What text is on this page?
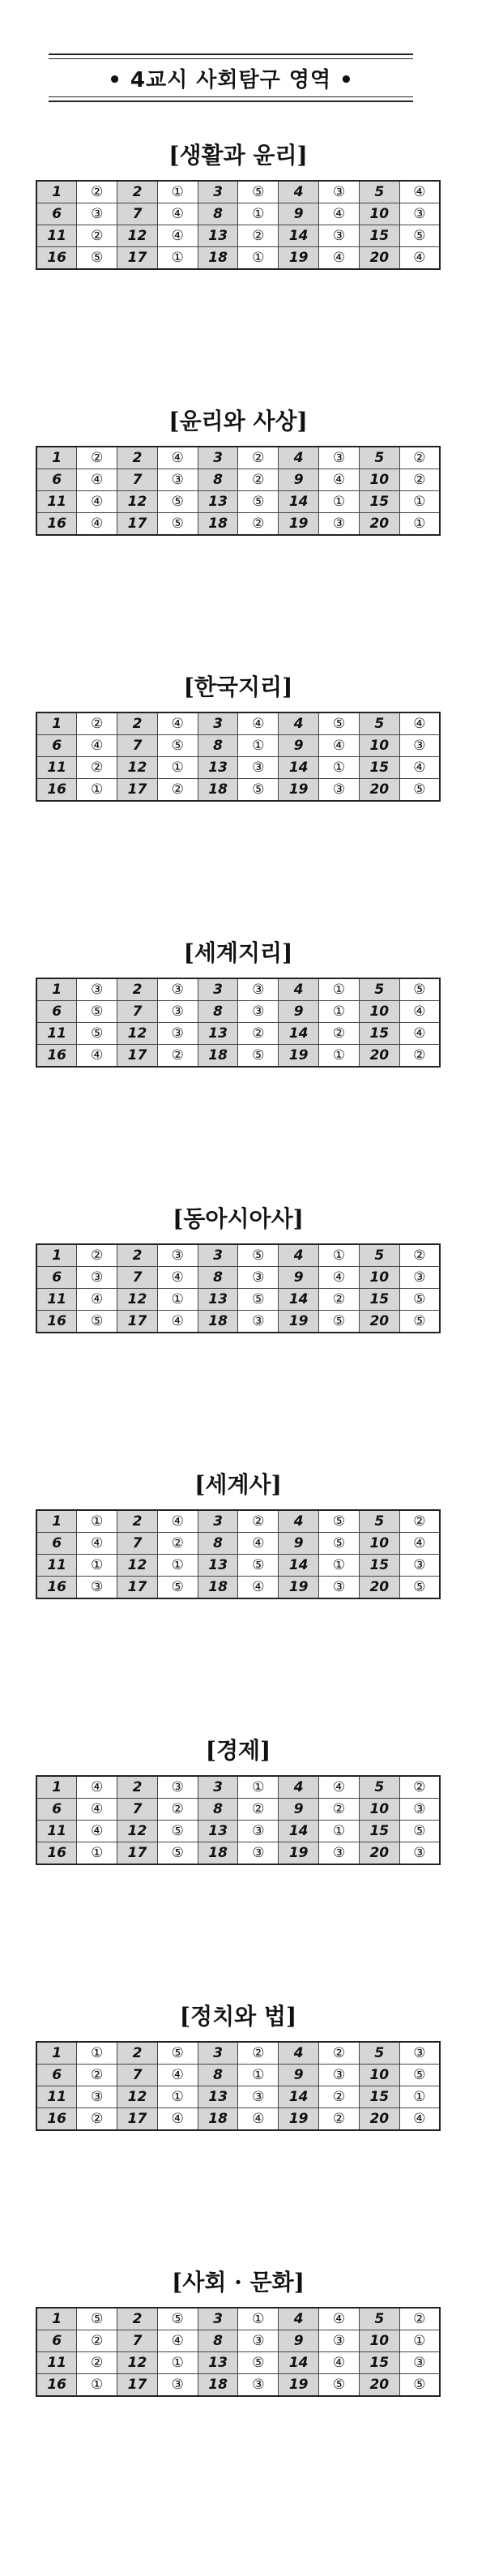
• 4교시 사회탐구 영역 •
[생활과 윤리]
1	②	2	①	3	⑤	4	③	5	④
6	③	7	④	8	①	9	④	10	③
11	②	12	④	13	②	14	③	15	⑤
16	⑤	17	①	18	①	19	④	20	④
[윤리와 사상]
1	②	2	④	3	②	4	③	5	②
6	④	7	③	8	②	9	④	10	②
11	④	12	⑤	13	⑤	14	①	15	①
16	④	17	⑤	18	②	19	③	20	①
[한국지리]
1	②	2	④	3	④	4	⑤	5	④
6	④	7	⑤	8	①	9	④	10	③
11	②	12	①	13	③	14	①	15	④
16	①	17	②	18	⑤	19	③	20	⑤
[세계지리]
1	③	2	③	3	③	4	①	5	⑤
6	⑤	7	③	8	③	9	①	10	④
11	⑤	12	③	13	②	14	②	15	④
16	④	17	②	18	⑤	19	①	20	②
[동아시아사]
1	②	2	③	3	⑤	4	①	5	②
6	③	7	④	8	③	9	④	10	③
11	④	12	①	13	⑤	14	②	15	⑤
16	⑤	17	④	18	③	19	⑤	20	⑤
[세계사]
1	①	2	④	3	②	4	⑤	5	②
6	④	7	②	8	④	9	⑤	10	④
11	①	12	①	13	⑤	14	①	15	③
16	③	17	⑤	18	④	19	③	20	⑤
[경제]
1	④	2	③	3	①	4	④	5	②
6	④	7	②	8	②	9	②	10	③
11	④	12	⑤	13	③	14	①	15	⑤
16	①	17	⑤	18	③	19	③	20	③
[정치와 법]
1	①	2	⑤	3	②	4	②	5	③
6	②	7	④	8	①	9	③	10	⑤
11	③	12	①	13	③	14	②	15	①
16	②	17	④	18	④	19	②	20	④
[사회 · 문화]
1	⑤	2	⑤	3	①	4	④	5	②
6	②	7	④	8	③	9	③	10	①
11	②	12	①	13	⑤	14	④	15	③
16	①	17	③	18	③	19	⑤	20	⑤
